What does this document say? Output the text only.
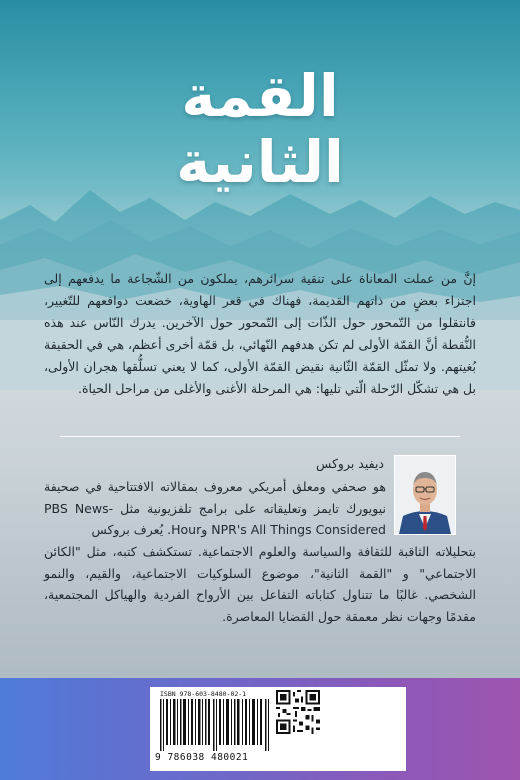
القمة
الثانية
إنَّ من عملت المعاناة على تنقية سرائرهم، يملكون من الشّجاعة ما يدفعهم إلى اجتزاء بعضٍ من ذاتهم القديمة، فهناك في قعر الهاوية، خضعت دوافعهم للتّغيير، فانتقلوا من التّمحور حول الذّات إلى التّمحور حول الآخرين. يدرك النّاس عند هذه النُّقطة أنَّ القمّة الأولى لم تكن هدفهم النّهائي، بل قمّة أخرى أعظم، هي في الحقيقة بُغيتهم. ولا تمثّل القمّة الثّانية نقيض القمّة الأولى، كما لا يعني تسلُّقها هجران الأولى، بل هي تشكّل الرّحلة الّتي تليها: هي المرحلة الأغنى والأغلى من مراحل الحياة.
ديفيد بروكس
هو صحفي ومعلق أمريكي معروف بمقالاته الافتتاحية في صحيفة نيويورك تايمز وتعليقاته على برامج تلفزيونية مثل PBS News- NPR's All Things Considered وHour. يُعرف بروكس
بتحليلاته الثاقبة للثقافة والسياسة والعلوم الاجتماعية. تستكشف كتبه، مثل "الكائن الاجتماعي" و "القمة الثانية"، موضوع السلوكيات الاجتماعية، والقيم، والنمو الشخصي. غالبًا ما تتناول كتاباته التفاعل بين الأرواح الفردية والهياكل المجتمعية، مقدمًا وجهات نظر معمقة حول القضايا المعاصرة.
ISBN 978-603-8480-02-1
9 786038 480021
